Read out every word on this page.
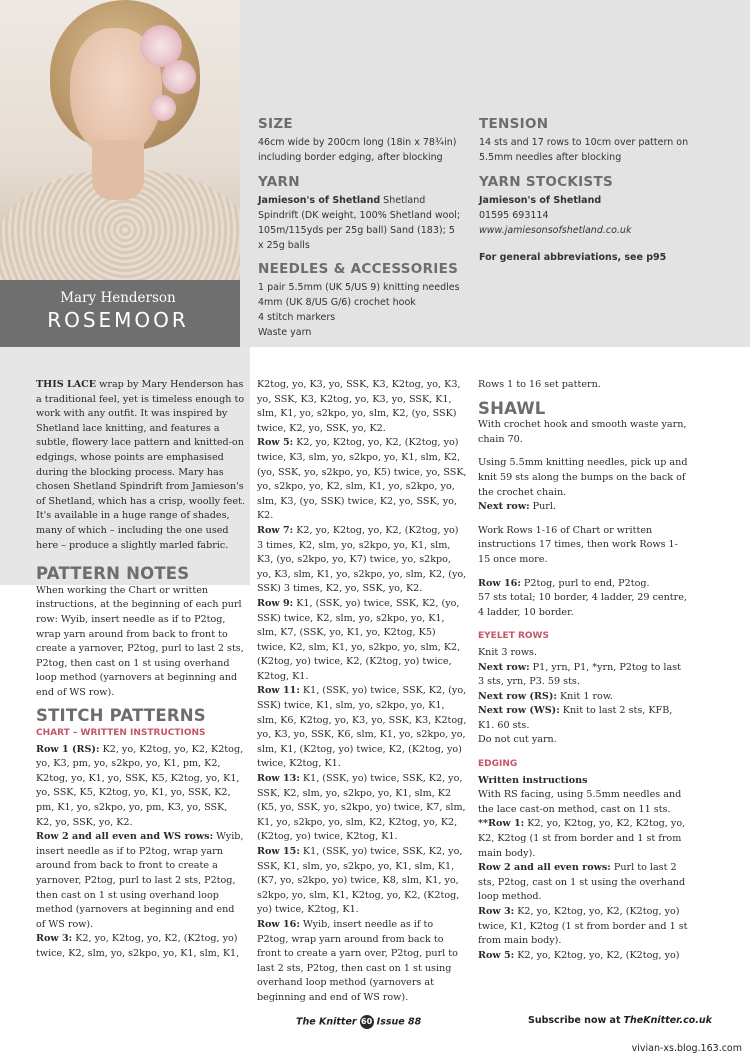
Mary Henderson
ROSEMOOR
SIZE

46cm wide by 200cm long (18in x 78¾in) including border edging, after blocking

YARN

Jamieson's of Shetland Shetland Spindrift (DK weight, 100% Shetland wool; 105m/115yds per 25g ball) Sand (183); 5 x 25g balls

NEEDLES & ACCESSORIES

1 pair 5.5mm (UK 5/US 9) knitting needles

4mm (UK 8/US G/6) crochet hook

4 stitch markers

Waste yarn

TENSION

14 sts and 17 rows to 10cm over pattern on 5.5mm needles after blocking

YARN STOCKISTS

Jamieson's of Shetland

01595 693114

www.jamiesonsofshetland.co.uk

For general abbreviations, see p95

THIS LACE wrap by Mary Henderson has a traditional feel, yet is timeless enough to work with any outfit. It was inspired by Shetland lace knitting, and features a subtle, flowery lace pattern and knitted-on edgings, whose points are emphasised during the blocking process. Mary has chosen Shetland Spindrift from Jamieson's of Shetland, which has a crisp, woolly feet. It's available in a huge range of shades, many of which – including the one used here – produce a slightly marled fabric.

PATTERN NOTES

When working the Chart or written instructions, at the beginning of each purl row: Wyib, insert needle as if to P2tog, wrap yarn around from back to front to create a yarnover, P2tog, purl to last 2 sts, P2tog, then cast on 1 st using overhand loop method (yarnovers at beginning and end of WS row).

STITCH PATTERNS
CHART – WRITTEN INSTRUCTIONS

Row 1 (RS): K2, yo, K2tog, yo, K2, K2tog, yo, K3, pm, yo, s2kpo, yo, K1, pm, K2, K2tog, yo, K1, yo, SSK, K5, K2tog, yo, K1, yo, SSK, K5, K2tog, yo, K1, yo, SSK, K2, pm, K1, yo, s2kpo, yo, pm, K3, yo, SSK, K2, yo, SSK, yo, K2.

Row 2 and all even and WS rows: Wyib, insert needle as if to P2tog, wrap yarn around from back to front to create a yarnover, P2tog, purl to last 2 sts, P2tog, then cast on 1 st using overhand loop method (yarnovers at beginning and end of WS row).

Row 3: K2, yo, K2tog, yo, K2, (K2tog, yo) twice, K2, slm, yo, s2kpo, yo, K1, slm, K1,

K2tog, yo, K3, yo, SSK, K3, K2tog, yo, K3, yo, SSK, K3, K2tog, yo, K3, yo, SSK, K1, slm, K1, yo, s2kpo, yo, slm, K2, (yo, SSK) twice, K2, yo, SSK, yo, K2.

Row 5: K2, yo, K2tog, yo, K2, (K2tog, yo) twice, K3, slm, yo, s2kpo, yo, K1, slm, K2, (yo, SSK, yo, s2kpo, yo, K5) twice, yo, SSK, yo, s2kpo, yo, K2, slm, K1, yo, s2kpo, yo, slm, K3, (yo, SSK) twice, K2, yo, SSK, yo, K2.

Row 7: K2, yo, K2tog, yo, K2, (K2tog, yo) 3 times, K2, slm, yo, s2kpo, yo, K1, slm, K3, (yo, s2kpo, yo, K7) twice, yo, s2kpo, yo, K3, slm, K1, yo, s2kpo, yo, slm, K2, (yo, SSK) 3 times, K2, yo, SSK, yo, K2.

Row 9: K1, (SSK, yo) twice, SSK, K2, (yo, SSK) twice, K2, slm, yo, s2kpo, yo, K1, slm, K7, (SSK, yo, K1, yo, K2tog, K5) twice, K2, slm, K1, yo, s2kpo, yo, slm, K2, (K2tog, yo) twice, K2, (K2tog, yo) twice, K2tog, K1.

Row 11: K1, (SSK, yo) twice, SSK, K2, (yo, SSK) twice, K1, slm, yo, s2kpo, yo, K1, slm, K6, K2tog, yo, K3, yo, SSK, K3, K2tog, yo, K3, yo, SSK, K6, slm, K1, yo, s2kpo, yo, slm, K1, (K2tog, yo) twice, K2, (K2tog, yo) twice, K2tog, K1.

Row 13: K1, (SSK, yo) twice, SSK, K2, yo, SSK, K2, slm, yo, s2kpo, yo, K1, slm, K2 (K5, yo, SSK, yo, s2kpo, yo) twice, K7, slm, K1, yo, s2kpo, yo, slm, K2, K2tog, yo, K2, (K2tog, yo) twice, K2tog, K1.

Row 15: K1, (SSK, yo) twice, SSK, K2, yo, SSK, K1, slm, yo, s2kpo, yo, K1, slm, K1, (K7, yo, s2kpo, yo) twice, K8, slm, K1, yo, s2kpo, yo, slm, K1, K2tog, yo, K2, (K2tog, yo) twice, K2tog, K1.

Row 16: Wyib, insert needle as if to P2tog, wrap yarn around from back to front to create a yarn over, P2tog, purl to last 2 sts, P2tog, then cast on 1 st using overhand loop method (yarnovers at beginning and end of WS row).

Rows 1 to 16 set pattern.

SHAWL

With crochet hook and smooth waste yarn, chain 70.

Using 5.5mm knitting needles, pick up and knit 59 sts along the bumps on the back of the crochet chain.

Next row: Purl.

Work Rows 1-16 of Chart or written instructions 17 times, then work Rows 1-15 once more.

Row 16: P2tog, purl to end, P2tog.

57 sts total; 10 border, 4 ladder, 29 centre, 4 ladder, 10 border.

EYELET ROWS

Knit 3 rows.

Next row: P1, yrn, P1, *yrn, P2tog to last 3 sts, yrn, P3. 59 sts.

Next row (RS): Knit 1 row.

Next row (WS): Knit to last 2 sts, KFB, K1. 60 sts.

Do not cut yarn.

EDGING

Written instructions

With RS facing, using 5.5mm needles and the lace cast-on method, cast on 11 sts.

**Row 1: K2, yo, K2tog, yo, K2, K2tog, yo, K2, K2tog (1 st from border and 1 st from main body).

Row 2 and all even rows: Purl to last 2 sts, P2tog, cast on 1 st using the overhand loop method.

Row 3: K2, yo, K2tog, yo, K2, (K2tog, yo) twice, K1, K2tog (1 st from border and 1 st from main body).

Row 5: K2, yo, K2tog, yo, K2, (K2tog, yo)

The Knitter 60 Issue 88	Subscribe now at TheKnitter.co.uk
vivian-xs.blog.163.com
